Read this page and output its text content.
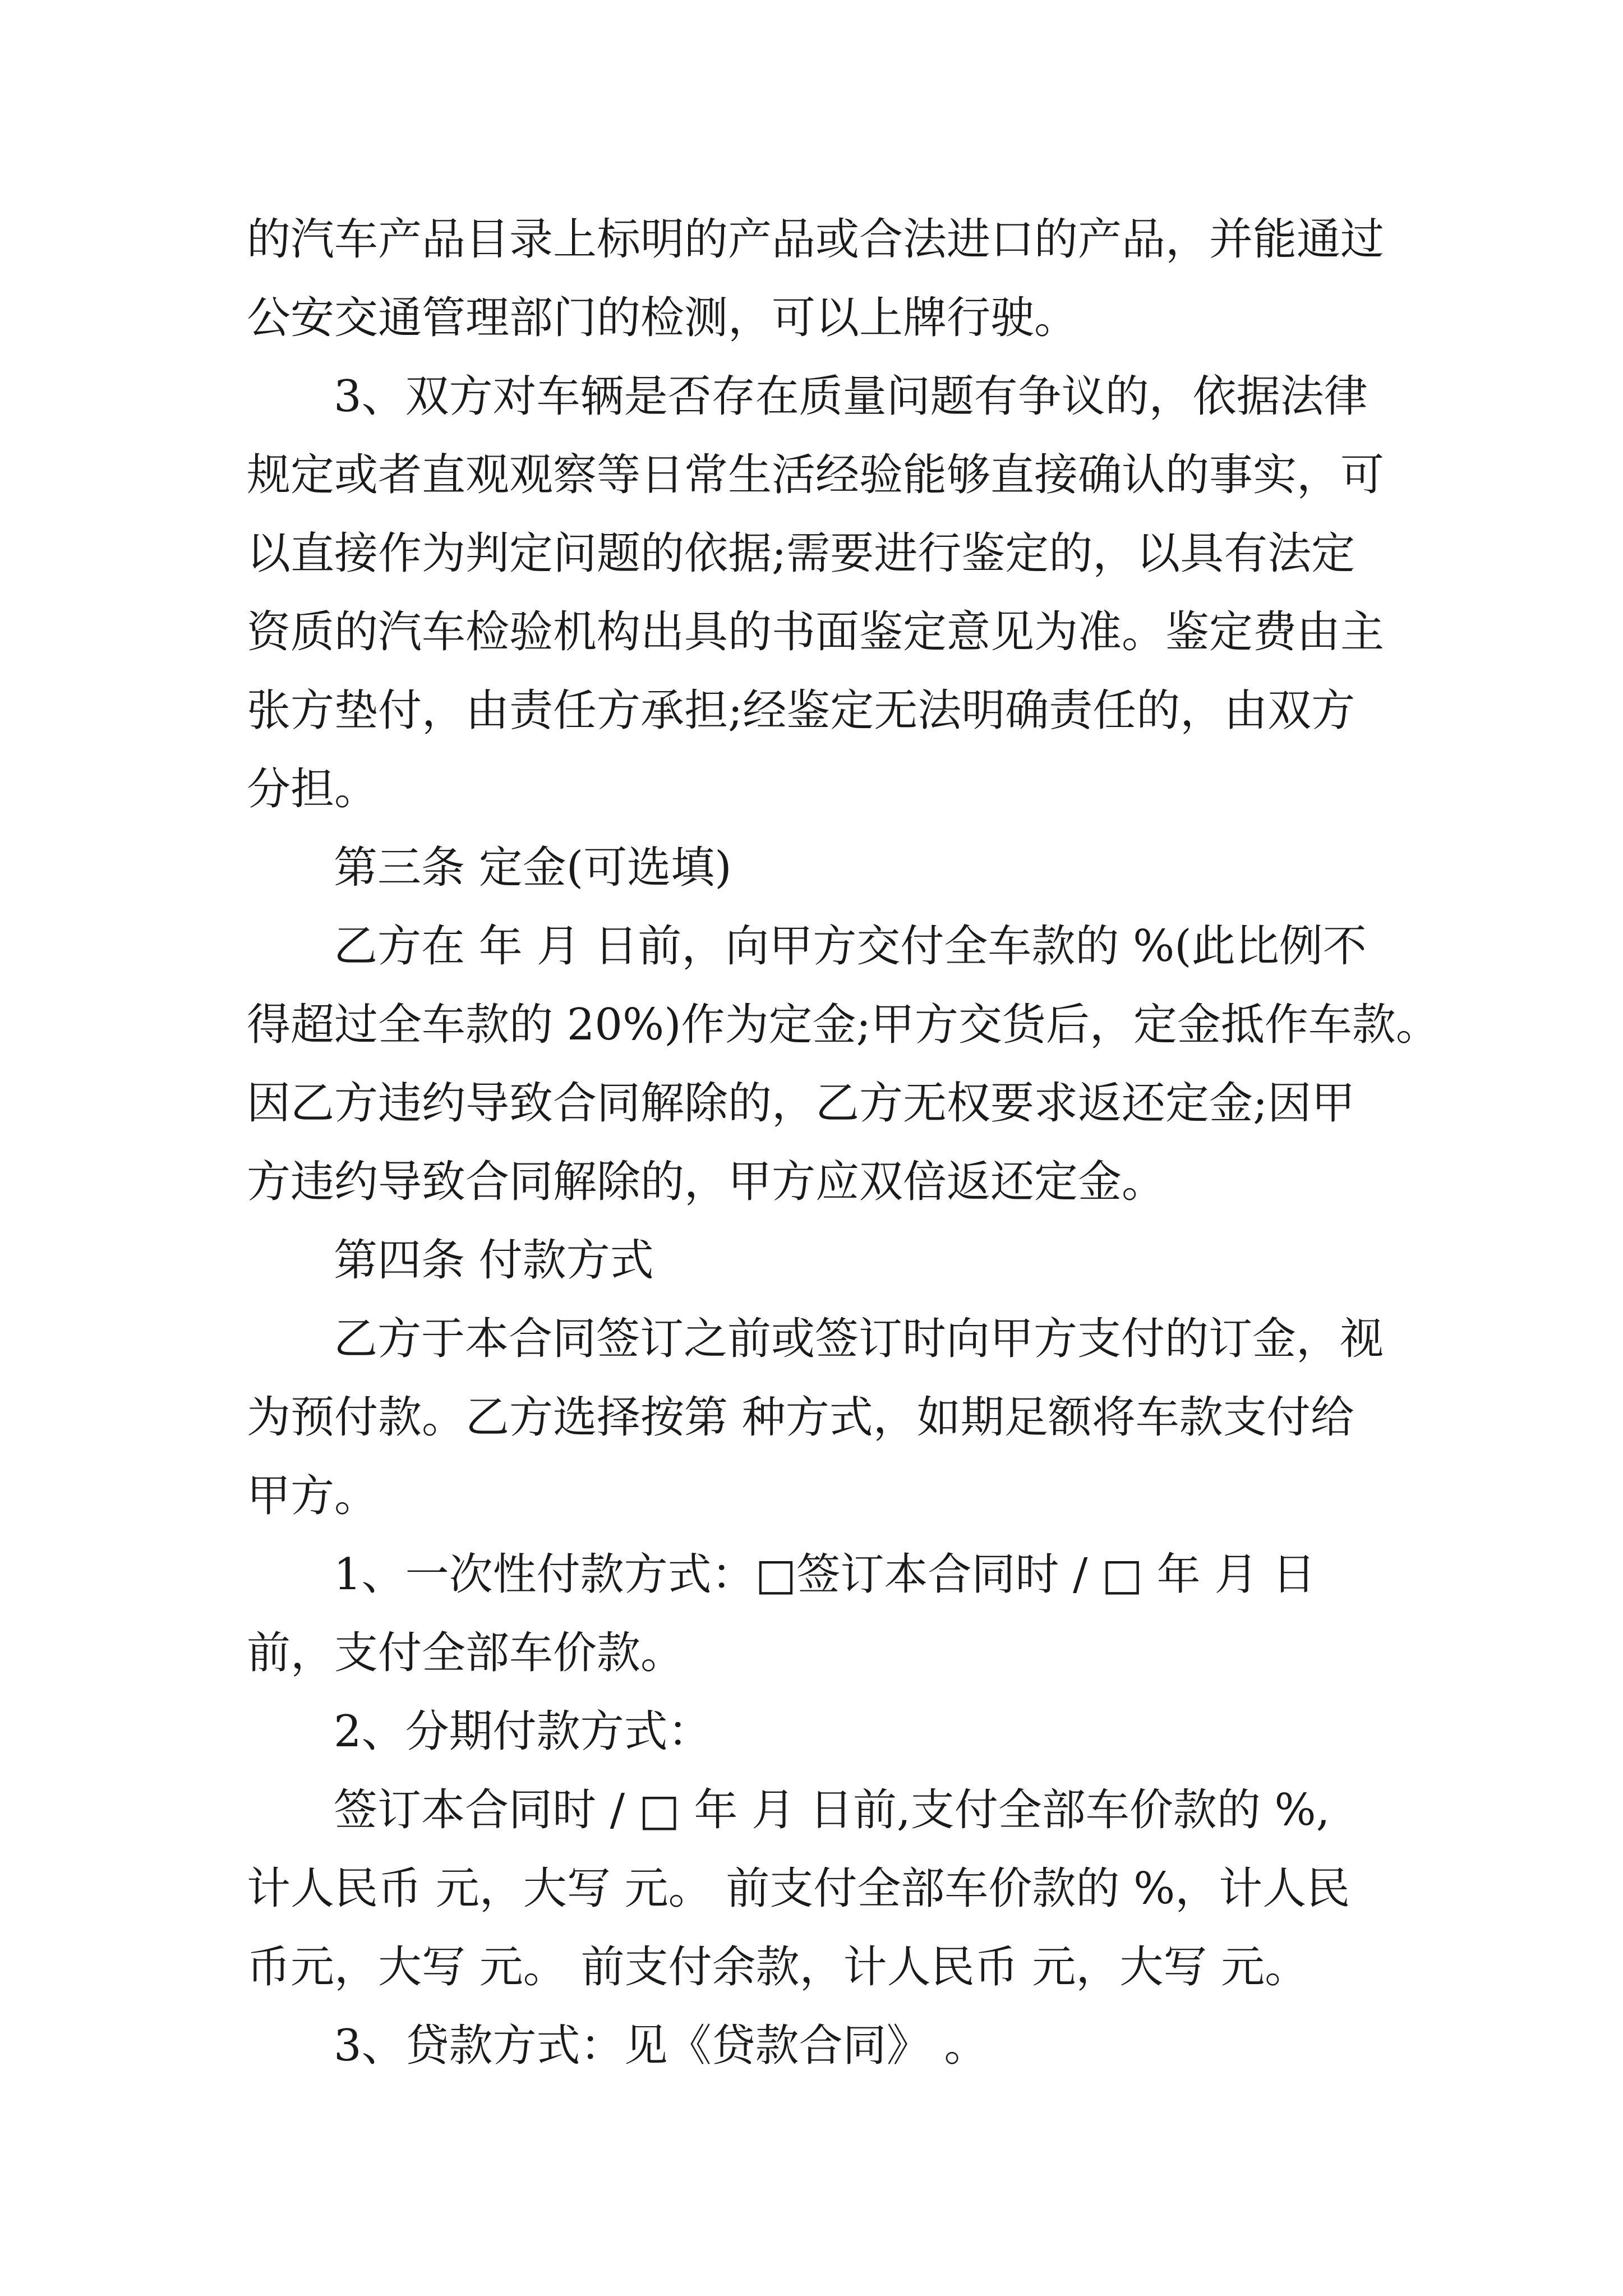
的汽车产品目录上标明的产品或合法进口的产品，并能通过

公安交通管理部门的检测，可以上牌行驶。

3、双方对车辆是否存在质量问题有争议的，依据法律

规定或者直观观察等日常生活经验能够直接确认的事实，可

以直接作为判定问题的依据;需要进行鉴定的，以具有法定

资质的汽车检验机构出具的书面鉴定意见为准。鉴定费由主

张方垫付，由责任方承担;经鉴定无法明确责任的，由双方

分担。

第三条 定金(可选填)

乙方在 年 月 日前，向甲方交付全车款的 %(此比例不

得超过全车款的 20%)作为定金;甲方交货后，定金抵作车款。

因乙方违约导致合同解除的，乙方无权要求返还定金;因甲

方违约导致合同解除的，甲方应双倍返还定金。

第四条 付款方式

乙方于本合同签订之前或签订时向甲方支付的订金，视

为预付款。乙方选择按第 种方式，如期足额将车款支付给

甲方。

1、一次性付款方式：□签订本合同时 / □ 年 月 日

前，支付全部车价款。

2、分期付款方式：

签订本合同时 / □ 年 月 日前,支付全部车价款的 %,

计人民币 元，大写 元。 前支付全部车价款的 %，计人民

币元，大写 元。 前支付余款，计人民币 元，大写 元。

3、贷款方式：见《贷款合同》 。
